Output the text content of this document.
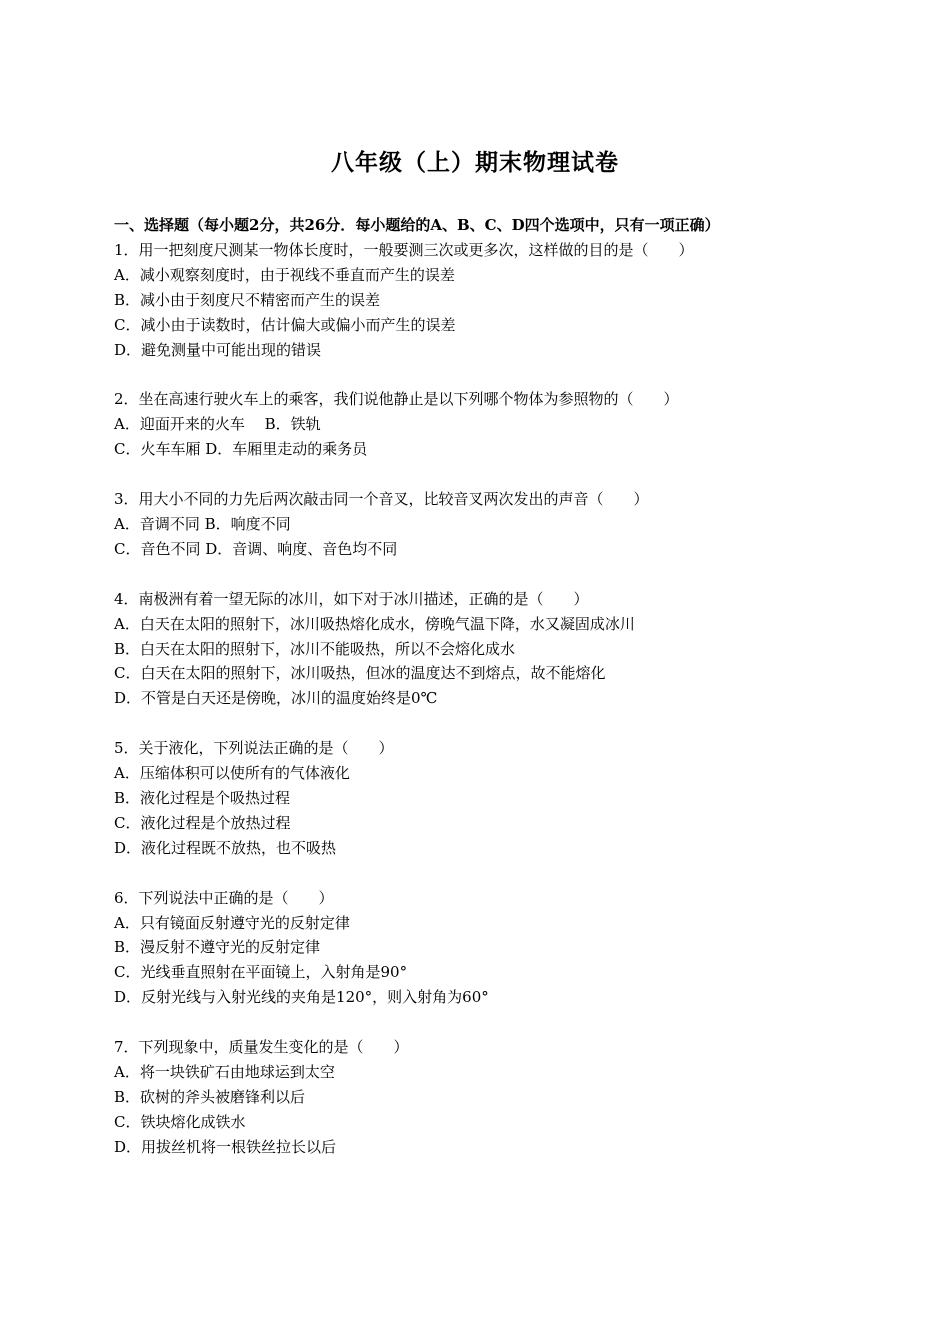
八年级（上）期末物理试卷
一、选择题（每小题2分，共26分．每小题给的A、B、C、D四个选项中，只有一项正确）
1．用一把刻度尺测某一物体长度时，一般要测三次或更多次，这样做的目的是（　　）
A．减小观察刻度时，由于视线不垂直而产生的误差
B．减小由于刻度尺不精密而产生的误差
C．减小由于读数时，估计偏大或偏小而产生的误差
D．避免测量中可能出现的错误
2．坐在高速行驶火车上的乘客，我们说他静止是以下列哪个物体为参照物的（　　）
A．迎面开来的火车　 B．铁轨
C．火车车厢 D．车厢里走动的乘务员
3．用大小不同的力先后两次敲击同一个音叉，比较音叉两次发出的声音（　　）
A．音调不同 B．响度不同
C．音色不同 D．音调、响度、音色均不同
4．南极洲有着一望无际的冰川，如下对于冰川描述，正确的是（　　）
A．白天在太阳的照射下，冰川吸热熔化成水，傍晚气温下降，水又凝固成冰川
B．白天在太阳的照射下，冰川不能吸热，所以不会熔化成水
C．白天在太阳的照射下，冰川吸热，但冰的温度达不到熔点，故不能熔化
D．不管是白天还是傍晚，冰川的温度始终是0℃
5．关于液化，下列说法正确的是（　　）
A．压缩体积可以使所有的气体液化
B．液化过程是个吸热过程
C．液化过程是个放热过程
D．液化过程既不放热，也不吸热
6．下列说法中正确的是（　　）
A．只有镜面反射遵守光的反射定律
B．漫反射不遵守光的反射定律
C．光线垂直照射在平面镜上，入射角是90°
D．反射光线与入射光线的夹角是120°，则入射角为60°
7．下列现象中，质量发生变化的是（　　）
A．将一块铁矿石由地球运到太空
B．砍树的斧头被磨锋利以后
C．铁块熔化成铁水
D．用拔丝机将一根铁丝拉长以后
